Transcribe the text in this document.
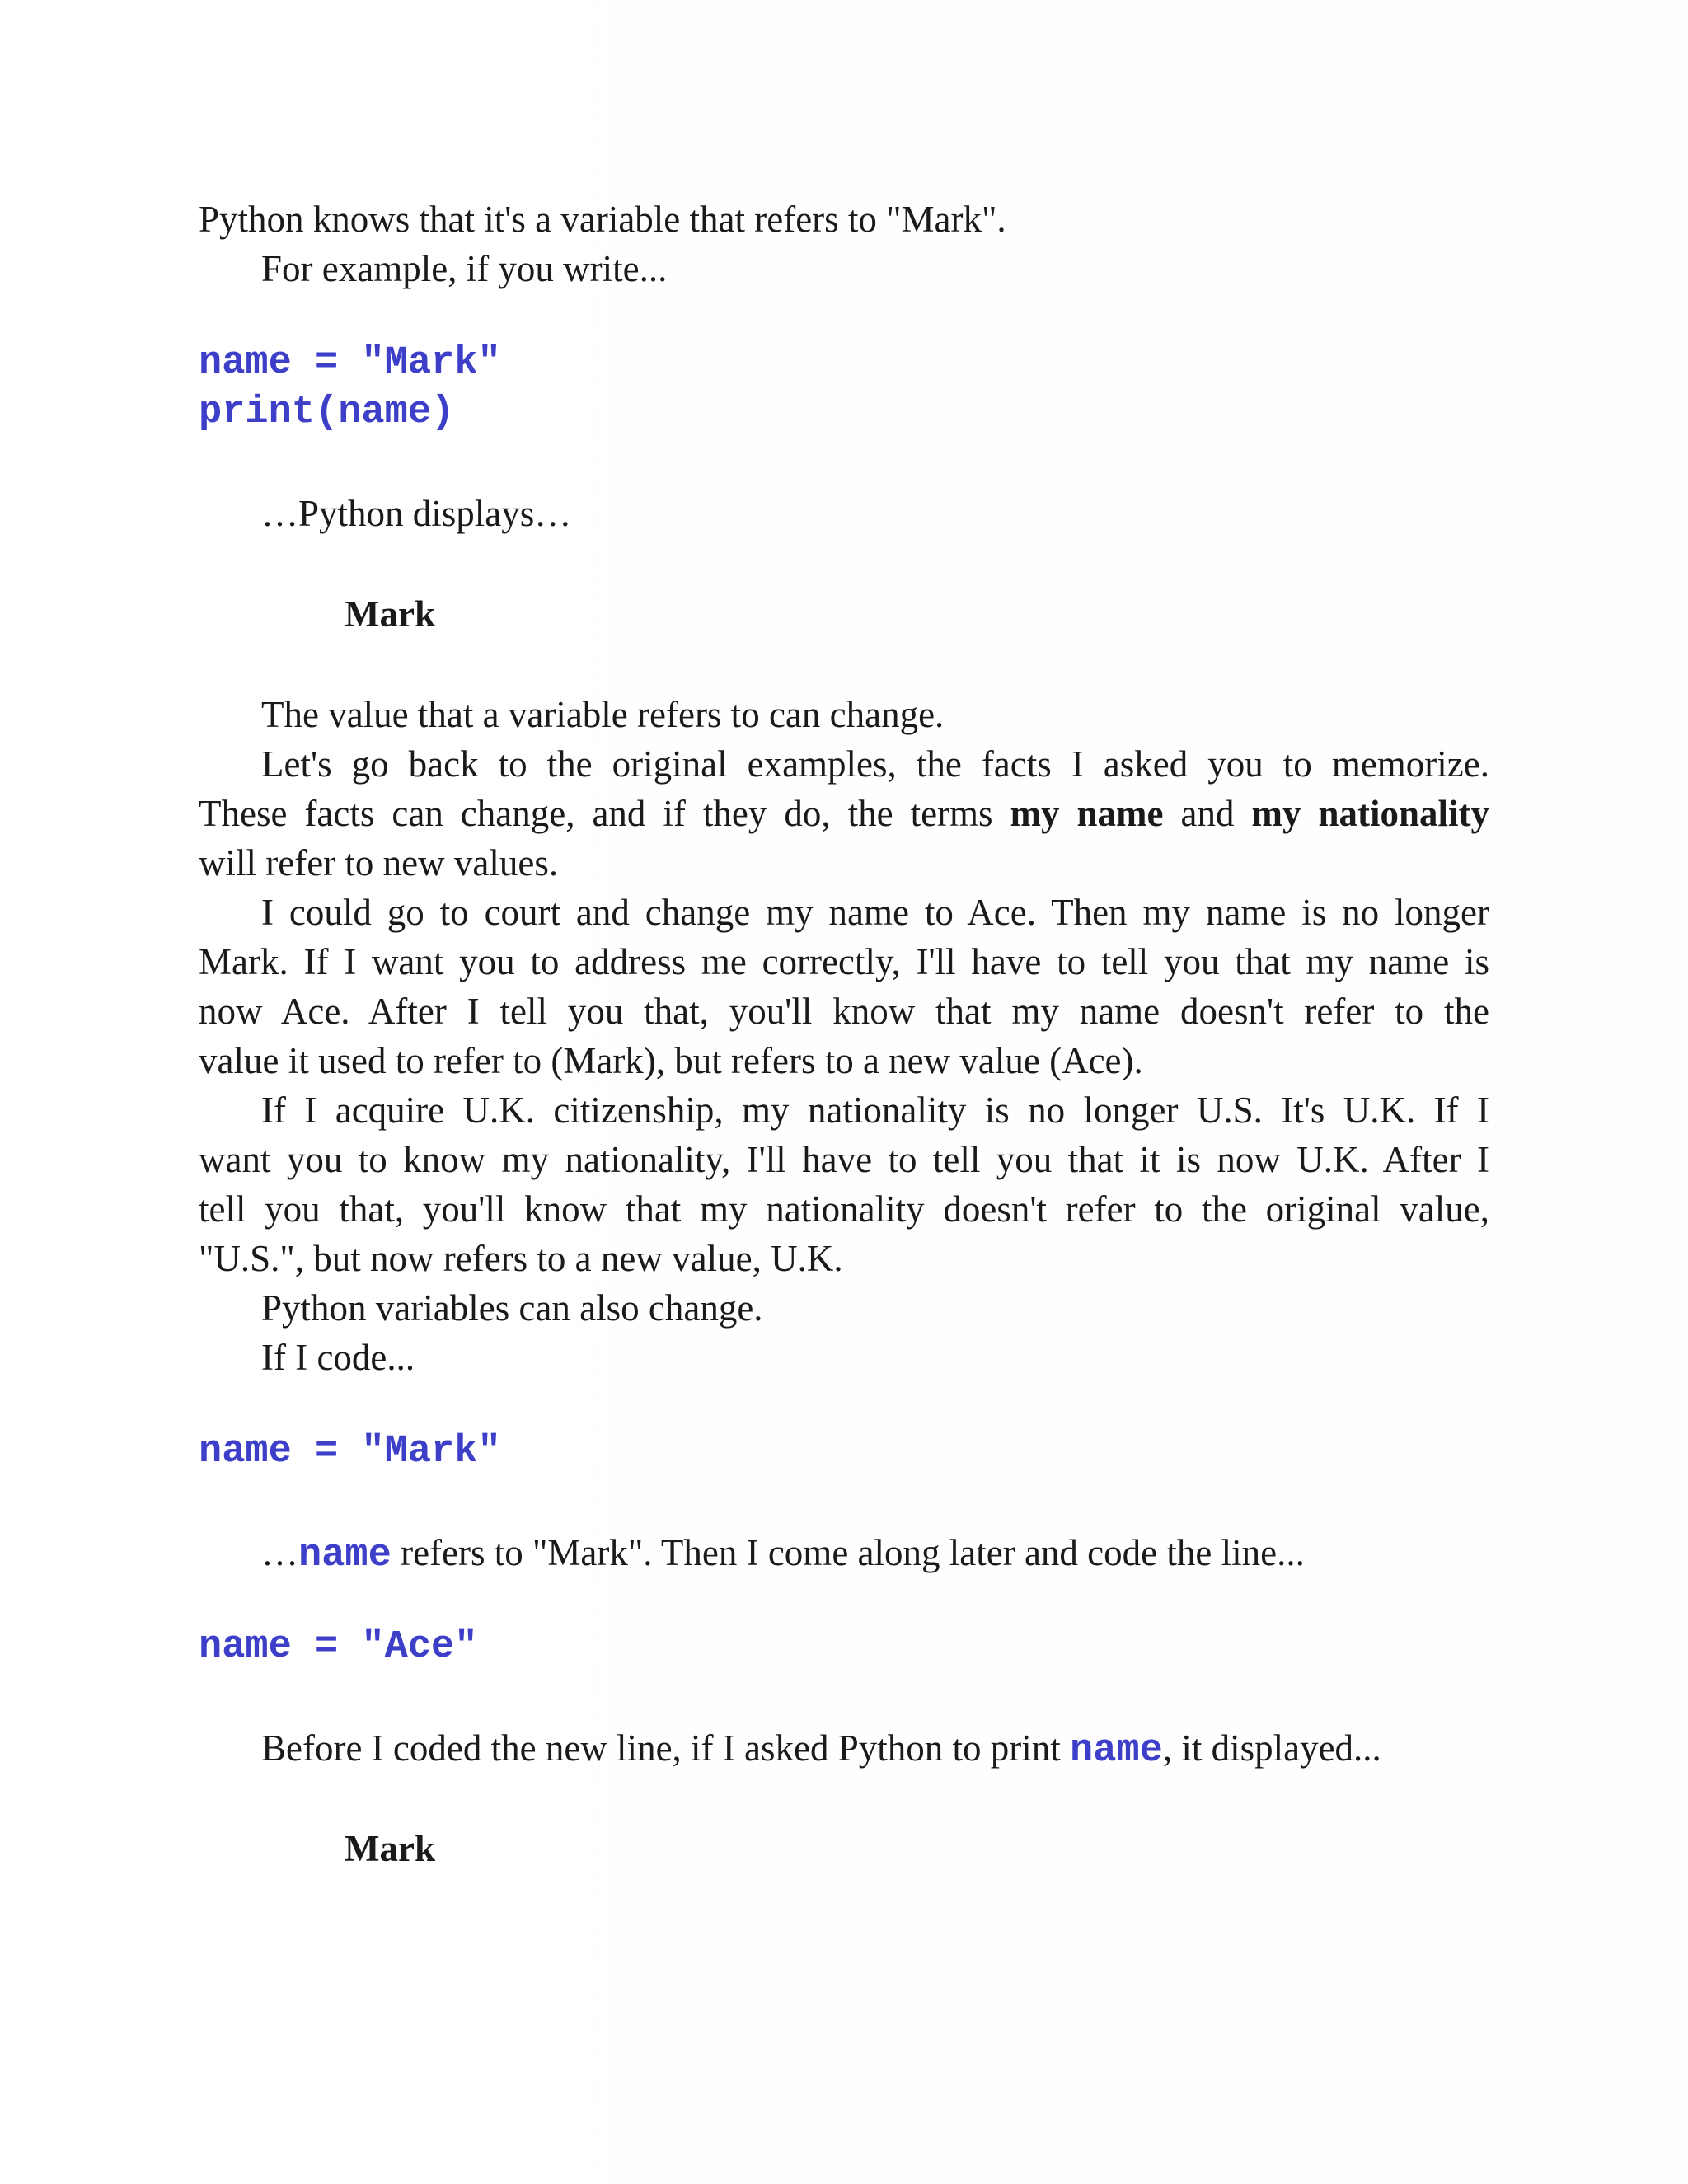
Python knows that it's a variable that refers to "Mark".
For example, if you write...
name = "Mark"
print(name)
…Python displays…
Mark
The value that a variable refers to can change.
Let's go back to the original examples, the facts I asked you to memorize.
These facts can change, and if they do, the terms my name and my nationality
will refer to new values.
I could go to court and change my name to Ace. Then my name is no longer
Mark. If I want you to address me correctly, I'll have to tell you that my name is
now Ace. After I tell you that, you'll know that my name doesn't refer to the
value it used to refer to (Mark), but refers to a new value (Ace).
If I acquire U.K. citizenship, my nationality is no longer U.S. It's U.K. If I
want you to know my nationality, I'll have to tell you that it is now U.K. After I
tell you that, you'll know that my nationality doesn't refer to the original value,
"U.S.", but now refers to a new value, U.K.
Python variables can also change.
If I code...
name = "Mark"
…name refers to "Mark". Then I come along later and code the line...
name = "Ace"
Before I coded the new line, if I asked Python to print name, it displayed...
Mark
